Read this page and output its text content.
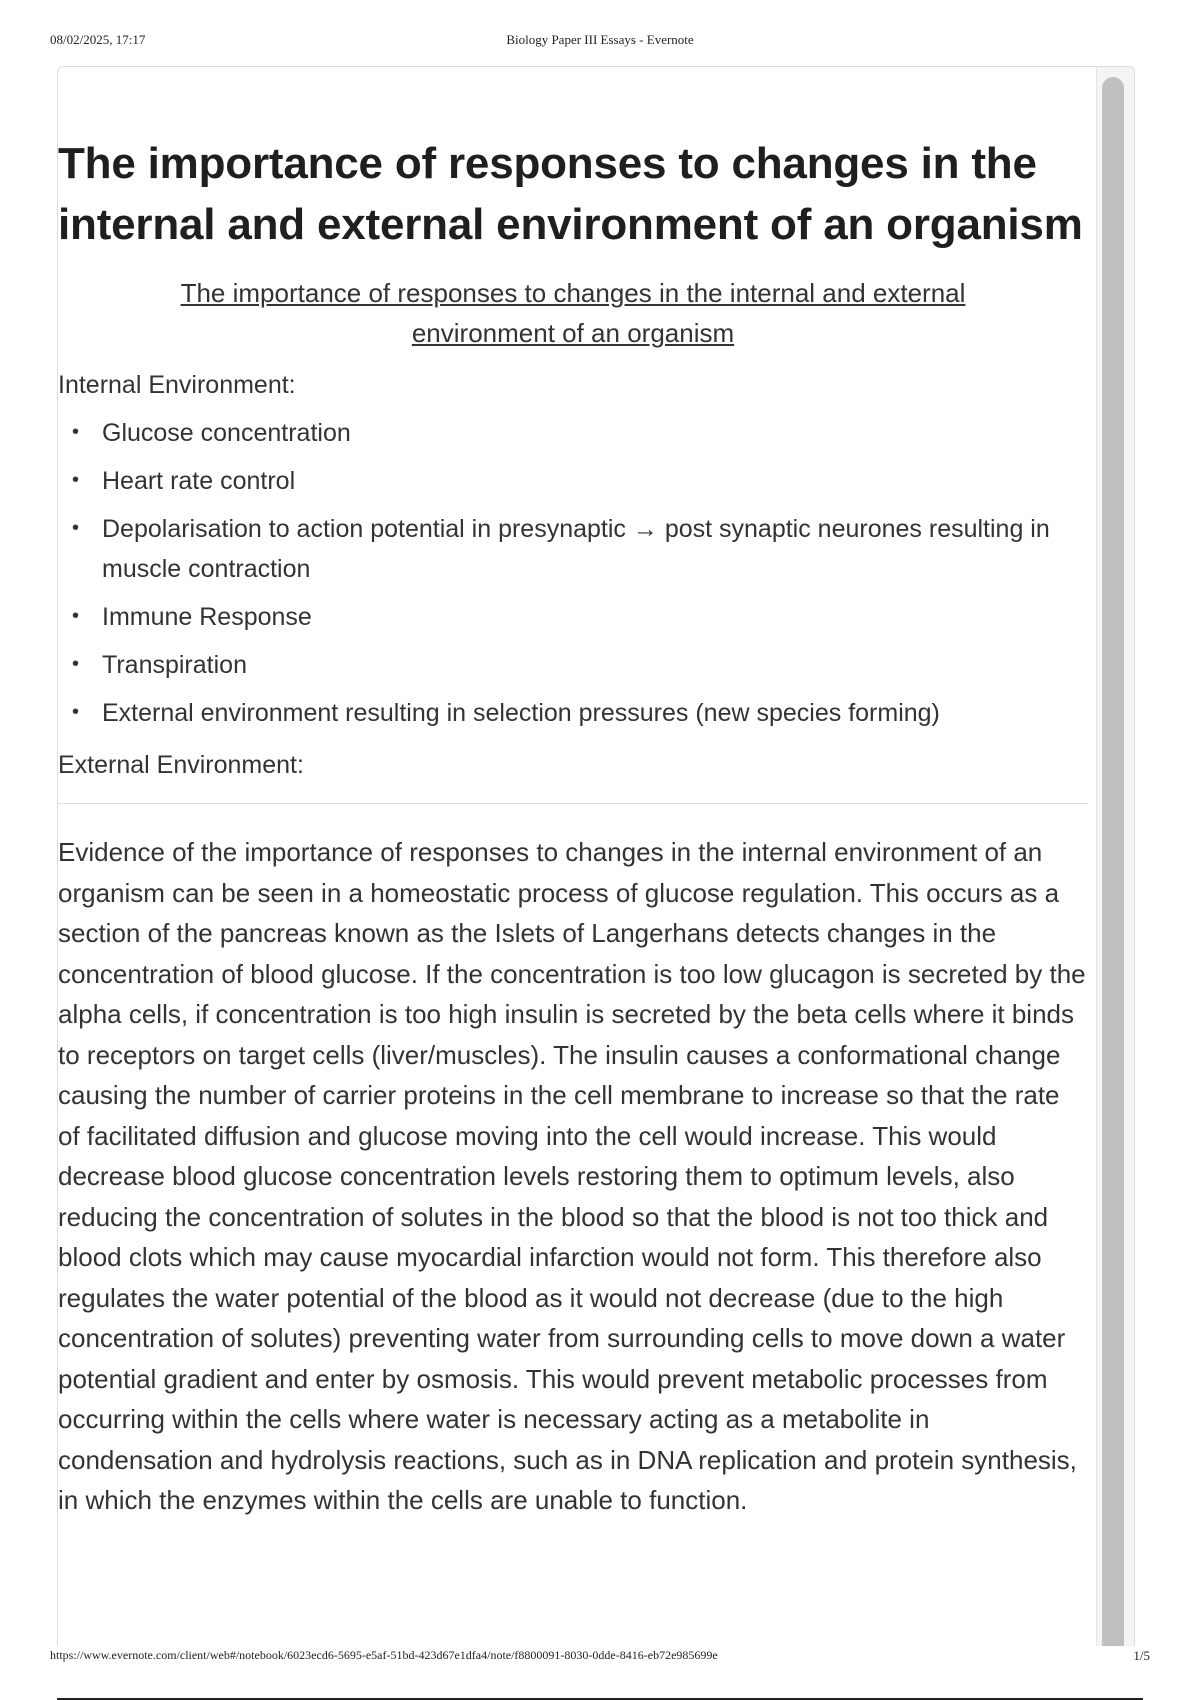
08/02/2025, 17:17	Biology Paper III Essays - Evernote
The importance of responses to changes in the internal and external environment of an organism
The importance of responses to changes in the internal and external environment of an organism
Internal Environment:
• Glucose concentration
• Heart rate control
• Depolarisation to action potential in presynaptic → post synaptic neurones resulting in muscle contraction
• Immune Response
• Transpiration
• External environment resulting in selection pressures (new species forming)
External Environment:

Evidence of the importance of responses to changes in the internal environment of an organism can be seen in a homeostatic process of glucose regulation. This occurs as a section of the pancreas known as the Islets of Langerhans detects changes in the concentration of blood glucose. If the concentration is too low glucagon is secreted by the alpha cells, if concentration is too high insulin is secreted by the beta cells where it binds to receptors on target cells (liver/muscles). The insulin causes a conformational change causing the number of carrier proteins in the cell membrane to increase so that the rate of facilitated diffusion and glucose moving into the cell would increase. This would decrease blood glucose concentration levels restoring them to optimum levels, also reducing the concentration of solutes in the blood so that the blood is not too thick and blood clots which may cause myocardial infarction would not form. This therefore also regulates the water potential of the blood as it would not decrease (due to the high concentration of solutes) preventing water from surrounding cells to move down a water potential gradient and enter by osmosis. This would prevent metabolic processes from occurring within the cells where water is necessary acting as a metabolite in condensation and hydrolysis reactions, such as in DNA replication and protein synthesis, in which the enzymes within the cells are unable to function.

https://www.evernote.com/client/web#/notebook/6023ecd6-5695-e5af-51bd-423d67e1dfa4/note/f8800091-8030-0dde-8416-eb72e985699e	1/5
